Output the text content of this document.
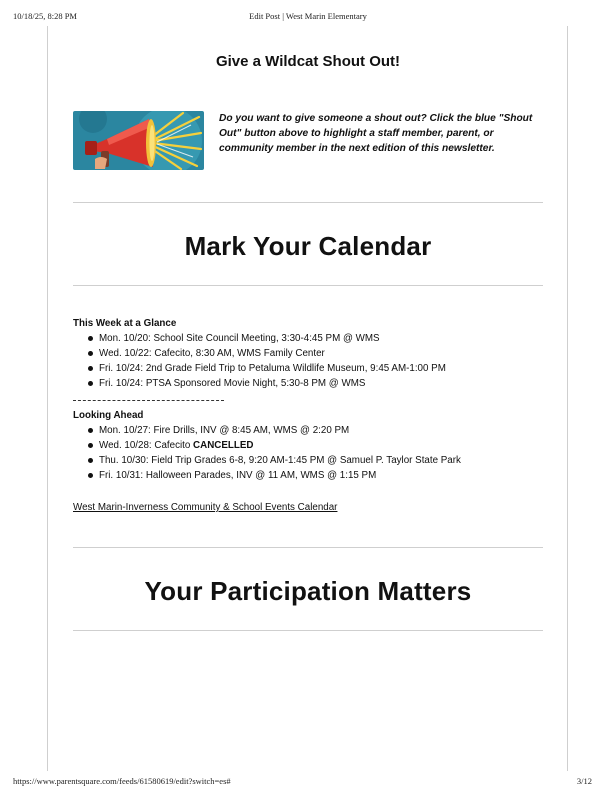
10/18/25, 8:28 PM	Edit Post | West Marin Elementary
Give a Wildcat Shout Out!
Do you want to give someone a shout out? Click the blue "Shout Out" button above to highlight a staff member, parent, or community member in the next edition of this newsletter.
Mark Your Calendar
This Week at a Glance
Mon. 10/20: School Site Council Meeting, 3:30-4:45 PM @ WMS
Wed. 10/22: Cafecito, 8:30 AM, WMS Family Center
Fri. 10/24: 2nd Grade Field Trip to Petaluma Wildlife Museum, 9:45 AM-1:00 PM
Fri. 10/24: PTSA Sponsored Movie Night, 5:30-8 PM @ WMS
Looking Ahead
Mon. 10/27: Fire Drills, INV @ 8:45 AM, WMS @ 2:20 PM
Wed. 10/28: Cafecito CANCELLED
Thu. 10/30: Field Trip Grades 6-8, 9:20 AM-1:45 PM @ Samuel P. Taylor State Park
Fri. 10/31: Halloween Parades, INV @ 11 AM, WMS @ 1:15 PM
West Marin-Inverness Community & School Events Calendar
Your Participation Matters
https://www.parentsquare.com/feeds/61580619/edit?switch=es#	3/12
